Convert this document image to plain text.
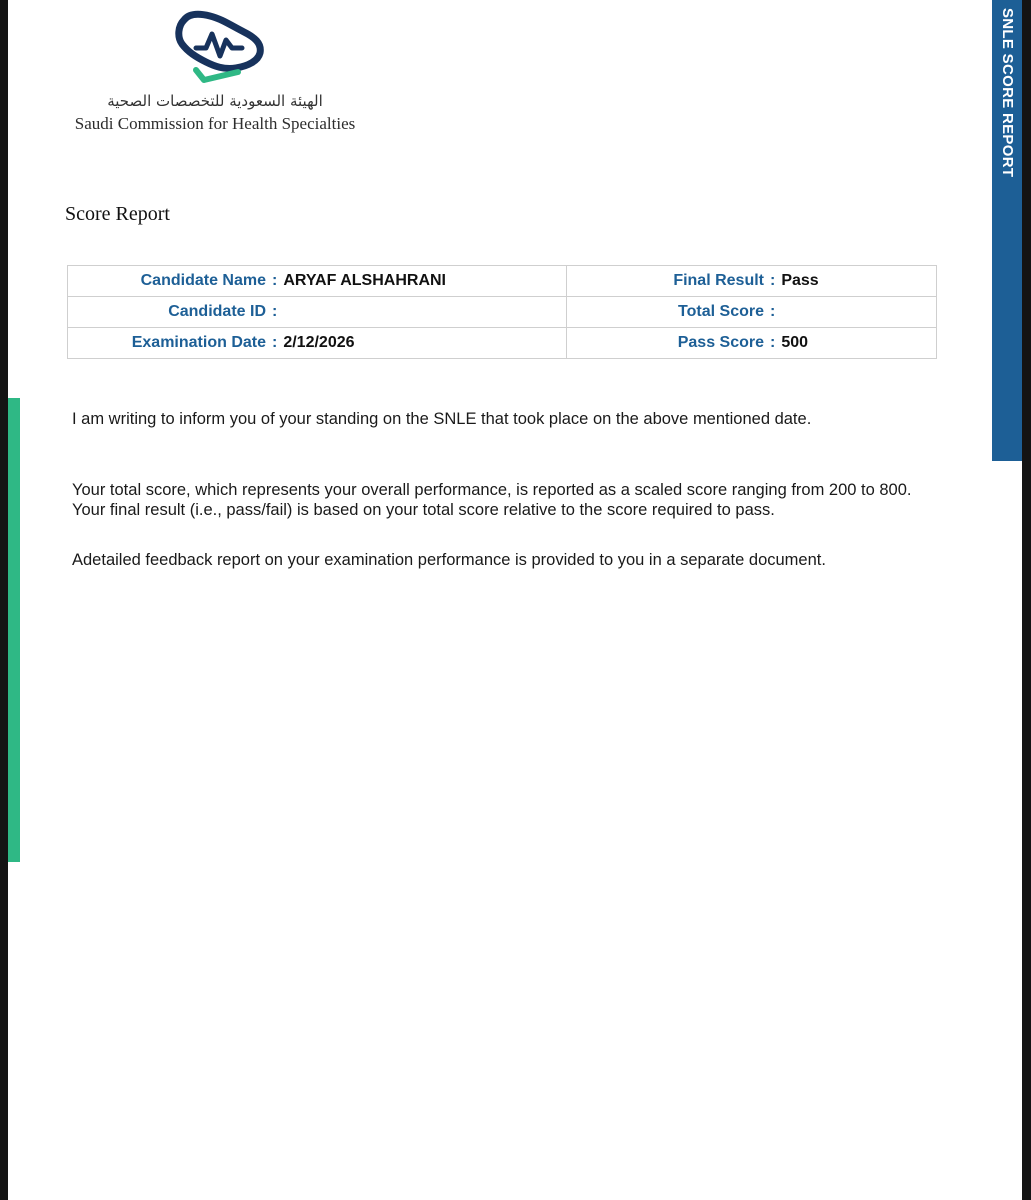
SNLE SCORE REPORT
الهيئة السعودية للتخصصات الصحية
Saudi Commission for Health Specialties
Score Report
Candidate Name : ARYAF ALSHAHRANI	Final Result : Pass
Candidate ID :	Total Score :
Examination Date : 2/12/2026	Pass Score : 500
I am writing to inform you of your standing on the SNLE that took place on the above mentioned date.
Your total score, which represents your overall performance, is reported as a scaled score ranging from 200 to 800. Your final result (i.e., pass/fail) is based on your total score relative to the score required to pass.
Adetailed feedback report on your examination performance is provided to you in a separate document.
